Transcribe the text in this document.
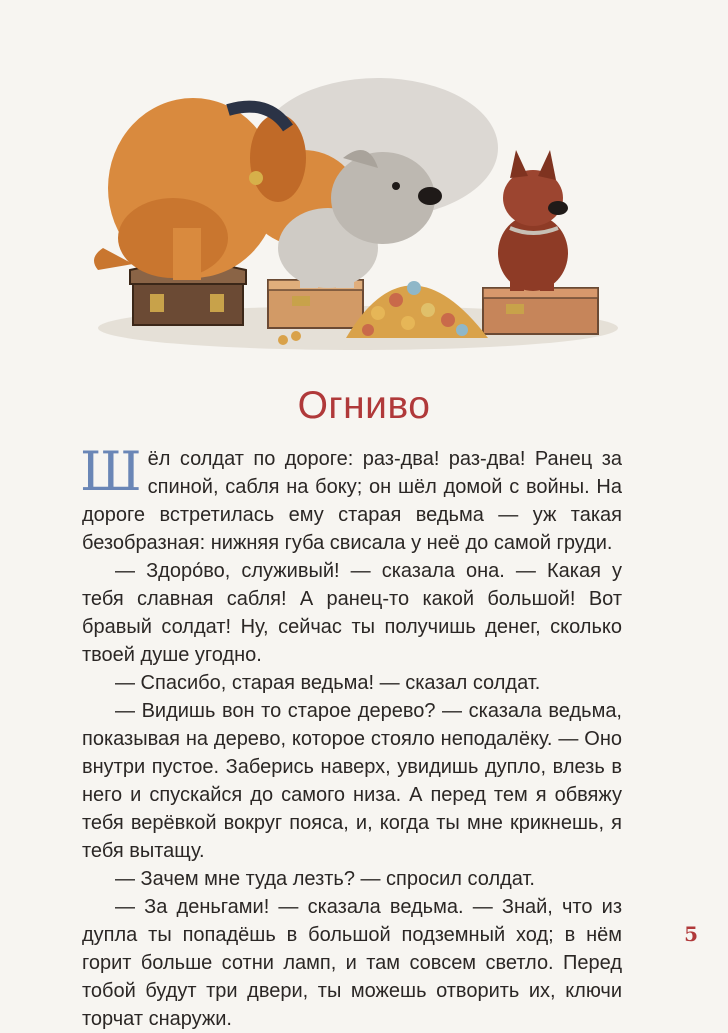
Огниво

Шёл солдат по дороге: раз-два! раз-два! Ранец за спиной, сабля на боку; он шёл домой с войны. На дороге встретилась ему старая ведьма — уж такая безобразная: нижняя губа свисала у неё до самой груди.

— Здоро́во, служивый! — сказала она. — Какая у тебя славная сабля! А ранец-то какой большой! Вот бравый солдат! Ну, сейчас ты получишь денег, сколько твоей душе угодно.

— Спасибо, старая ведьма! — сказал солдат.

— Видишь вон то старое дерево? — сказала ведьма, показывая на дерево, которое стояло неподалёку. — Оно внутри пустое. Заберись наверх, увидишь дупло, влезь в него и спускайся до самого низа. А перед тем я обвяжу тебя верёвкой вокруг пояса, и, когда ты мне крикнешь, я тебя вытащу.

— Зачем мне туда лезть? — спросил солдат.

— За деньгами! — сказала ведьма. — Знай, что из дупла ты попадёшь в большой подземный ход; в нём горит больше сотни ламп, и там совсем светло. Перед тобой будут три двери, ты можешь отворить их, ключи торчат снаружи.

5
